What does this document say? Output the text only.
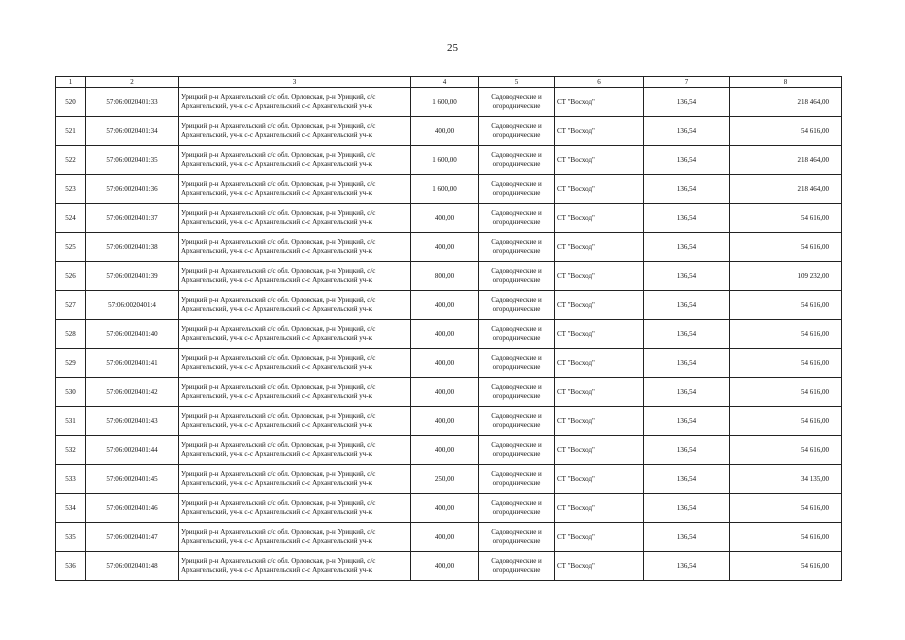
25
1	2	3	4	5	6	7	8
520	57:06:0020401:33	Урицкий р-н Архангельский с/с обл. Орловская, р-н Урицкий, с/с
Архангельский, уч-к с-с Архангельский с-с Архангельский уч-к	1 600,00	Садоводческие и
огороднические	СТ "Восход"	136,54	218 464,00
521	57:06:0020401:34	Урицкий р-н Архангельский с/с обл. Орловская, р-н Урицкий, с/с
Архангельский, уч-к с-с Архангельский с-с Архангельский уч-к	400,00	Садоводческие и
огороднические	СТ "Восход"	136,54	54 616,00
522	57:06:0020401:35	Урицкий р-н Архангельский с/с обл. Орловская, р-н Урицкий, с/с
Архангельский, уч-к с-с Архангельский с-с Архангельский уч-к	1 600,00	Садоводческие и
огороднические	СТ "Восход"	136,54	218 464,00
523	57:06:0020401:36	Урицкий р-н Архангельский с/с обл. Орловская, р-н Урицкий, с/с
Архангельский, уч-к с-с Архангельский с-с Архангельский уч-к	1 600,00	Садоводческие и
огороднические	СТ "Восход"	136,54	218 464,00
524	57:06:0020401:37	Урицкий р-н Архангельский с/с обл. Орловская, р-н Урицкий, с/с
Архангельский, уч-к с-с Архангельский с-с Архангельский уч-к	400,00	Садоводческие и
огороднические	СТ "Восход"	136,54	54 616,00
525	57:06:0020401:38	Урицкий р-н Архангельский с/с обл. Орловская, р-н Урицкий, с/с
Архангельский, уч-к с-с Архангельский с-с Архангельский уч-к	400,00	Садоводческие и
огороднические	СТ "Восход"	136,54	54 616,00
526	57:06:0020401:39	Урицкий р-н Архангельский с/с обл. Орловская, р-н Урицкий, с/с
Архангельский, уч-к с-с Архангельский с-с Архангельский уч-к	800,00	Садоводческие и
огороднические	СТ "Восход"	136,54	109 232,00
527	57:06:0020401:4	Урицкий р-н Архангельский с/с обл. Орловская, р-н Урицкий, с/с
Архангельский, уч-к с-с Архангельский с-с Архангельский уч-к	400,00	Садоводческие и
огороднические	СТ "Восход"	136,54	54 616,00
528	57:06:0020401:40	Урицкий р-н Архангельский с/с обл. Орловская, р-н Урицкий, с/с
Архангельский, уч-к с-с Архангельский с-с Архангельский уч-к	400,00	Садоводческие и
огороднические	СТ "Восход"	136,54	54 616,00
529	57:06:0020401:41	Урицкий р-н Архангельский с/с обл. Орловская, р-н Урицкий, с/с
Архангельский, уч-к с-с Архангельский с-с Архангельский уч-к	400,00	Садоводческие и
огороднические	СТ "Восход"	136,54	54 616,00
530	57:06:0020401:42	Урицкий р-н Архангельский с/с обл. Орловская, р-н Урицкий, с/с
Архангельский, уч-к с-с Архангельский с-с Архангельский уч-к	400,00	Садоводческие и
огороднические	СТ "Восход"	136,54	54 616,00
531	57:06:0020401:43	Урицкий р-н Архангельский с/с обл. Орловская, р-н Урицкий, с/с
Архангельский, уч-к с-с Архангельский с-с Архангельский уч-к	400,00	Садоводческие и
огороднические	СТ "Восход"	136,54	54 616,00
532	57:06:0020401:44	Урицкий р-н Архангельский с/с обл. Орловская, р-н Урицкий, с/с
Архангельский, уч-к с-с Архангельский с-с Архангельский уч-к	400,00	Садоводческие и
огороднические	СТ "Восход"	136,54	54 616,00
533	57:06:0020401:45	Урицкий р-н Архангельский с/с обл. Орловская, р-н Урицкий, с/с
Архангельский, уч-к с-с Архангельский с-с Архангельский уч-к	250,00	Садоводческие и
огороднические	СТ "Восход"	136,54	34 135,00
534	57:06:0020401:46	Урицкий р-н Архангельский с/с обл. Орловская, р-н Урицкий, с/с
Архангельский, уч-к с-с Архангельский с-с Архангельский уч-к	400,00	Садоводческие и
огороднические	СТ "Восход"	136,54	54 616,00
535	57:06:0020401:47	Урицкий р-н Архангельский с/с обл. Орловская, р-н Урицкий, с/с
Архангельский, уч-к с-с Архангельский с-с Архангельский уч-к	400,00	Садоводческие и
огороднические	СТ "Восход"	136,54	54 616,00
536	57:06:0020401:48	Урицкий р-н Архангельский с/с обл. Орловская, р-н Урицкий, с/с
Архангельский, уч-к с-с Архангельский с-с Архангельский уч-к	400,00	Садоводческие и
огороднические	СТ "Восход"	136,54	54 616,00
